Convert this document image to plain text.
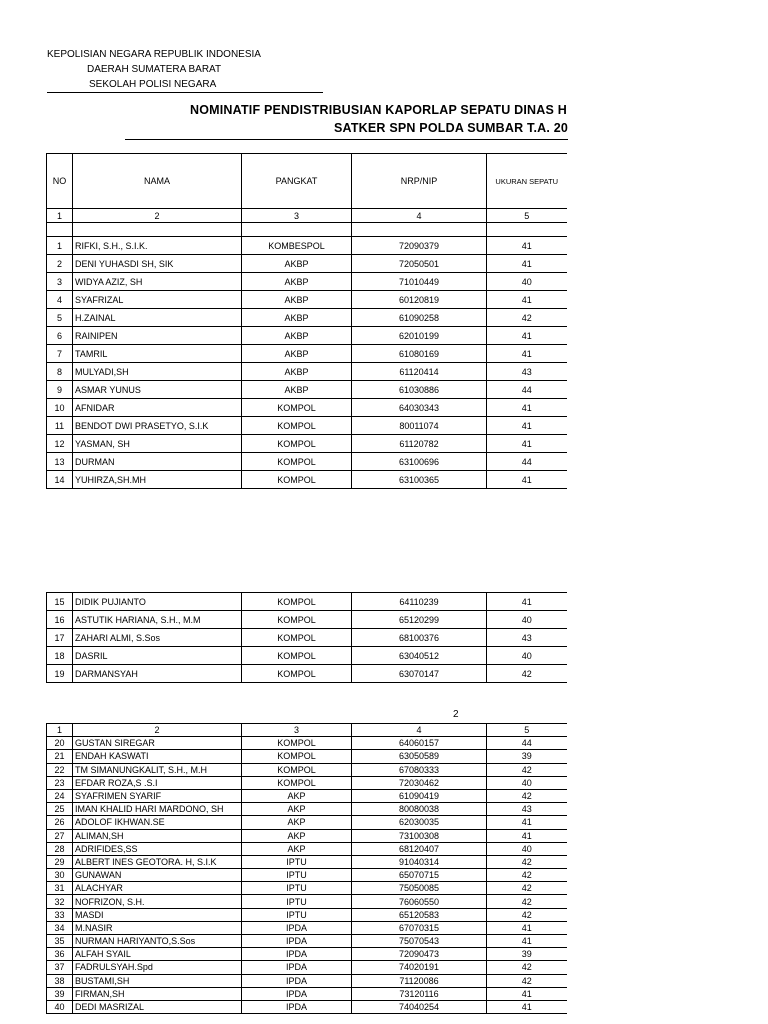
KEPOLISIAN NEGARA REPUBLIK INDONESIA
DAERAH SUMATERA BARAT
SEKOLAH POLISI NEGARA
NOMINATIF PENDISTRIBUSIAN KAPORLAP SEPATU DINAS H
SATKER SPN POLDA SUMBAR T.A. 20
NO	NAMA	PANGKAT	NRP/NIP	UKURAN SEPATU
1	2	3	4	5

1	RIFKI, S.H., S.I.K.	KOMBESPOL	72090379	41
2	DENI YUHASDI SH, SIK	AKBP	72050501	41
3	WIDYA AZIZ, SH	AKBP	71010449	40
4	SYAFRIZAL	AKBP	60120819	41
5	H.ZAINAL	AKBP	61090258	42
6	RAINIPEN	AKBP	62010199	41
7	TAMRIL	AKBP	61080169	41
8	MULYADI,SH	AKBP	61120414	43
9	ASMAR YUNUS	AKBP	61030886	44
10	AFNIDAR	KOMPOL	64030343	41
11	BENDOT DWI PRASETYO, S.I.K	KOMPOL	80011074	41
12	YASMAN, SH	KOMPOL	61120782	41
13	DURMAN	KOMPOL	63100696	44
14	YUHIRZA,SH.MH	KOMPOL	63100365	41
15	DIDIK PUJIANTO	KOMPOL	64110239	41
16	ASTUTIK HARIANA, S.H., M.M	KOMPOL	65120299	40
17	ZAHARI ALMI, S.Sos	KOMPOL	68100376	43
18	DASRIL	KOMPOL	63040512	40
19	DARMANSYAH	KOMPOL	63070147	42
2
1	2	3	4	5
20	GUSTAN SIREGAR	KOMPOL	64060157	44
21	ENDAH KASWATI	KOMPOL	63050589	39
22	TM SIMANUNGKALIT, S.H., M.H	KOMPOL	67080333	42
23	EFDAR ROZA,S .S.I	KOMPOL	72030462	40
24	SYAFRIMEN SYARIF	AKP	61090419	42
25	IMAN KHALID HARI MARDONO, SH	AKP	80080038	43
26	ADOLOF IKHWAN.SE	AKP	62030035	41
27	ALIMAN,SH	AKP	73100308	41
28	ADRIFIDES,SS	AKP	68120407	40
29	ALBERT INES GEOTORA. H, S.I.K	IPTU	91040314	42
30	GUNAWAN	IPTU	65070715	42
31	ALACHYAR	IPTU	75050085	42
32	NOFRIZON, S.H.	IPTU	76060550	42
33	MASDI	IPTU	65120583	42
34	M.NASIR	IPDA	67070315	41
35	NURMAN HARIYANTO,S.Sos	IPDA	75070543	41
36	ALFAH SYAIL	IPDA	72090473	39
37	FADRULSYAH.Spd	IPDA	74020191	42
38	BUSTAMI,SH	IPDA	71120086	42
39	FIRMAN,SH	IPDA	73120116	41
40	DEDI MASRIZAL	IPDA	74040254	41
